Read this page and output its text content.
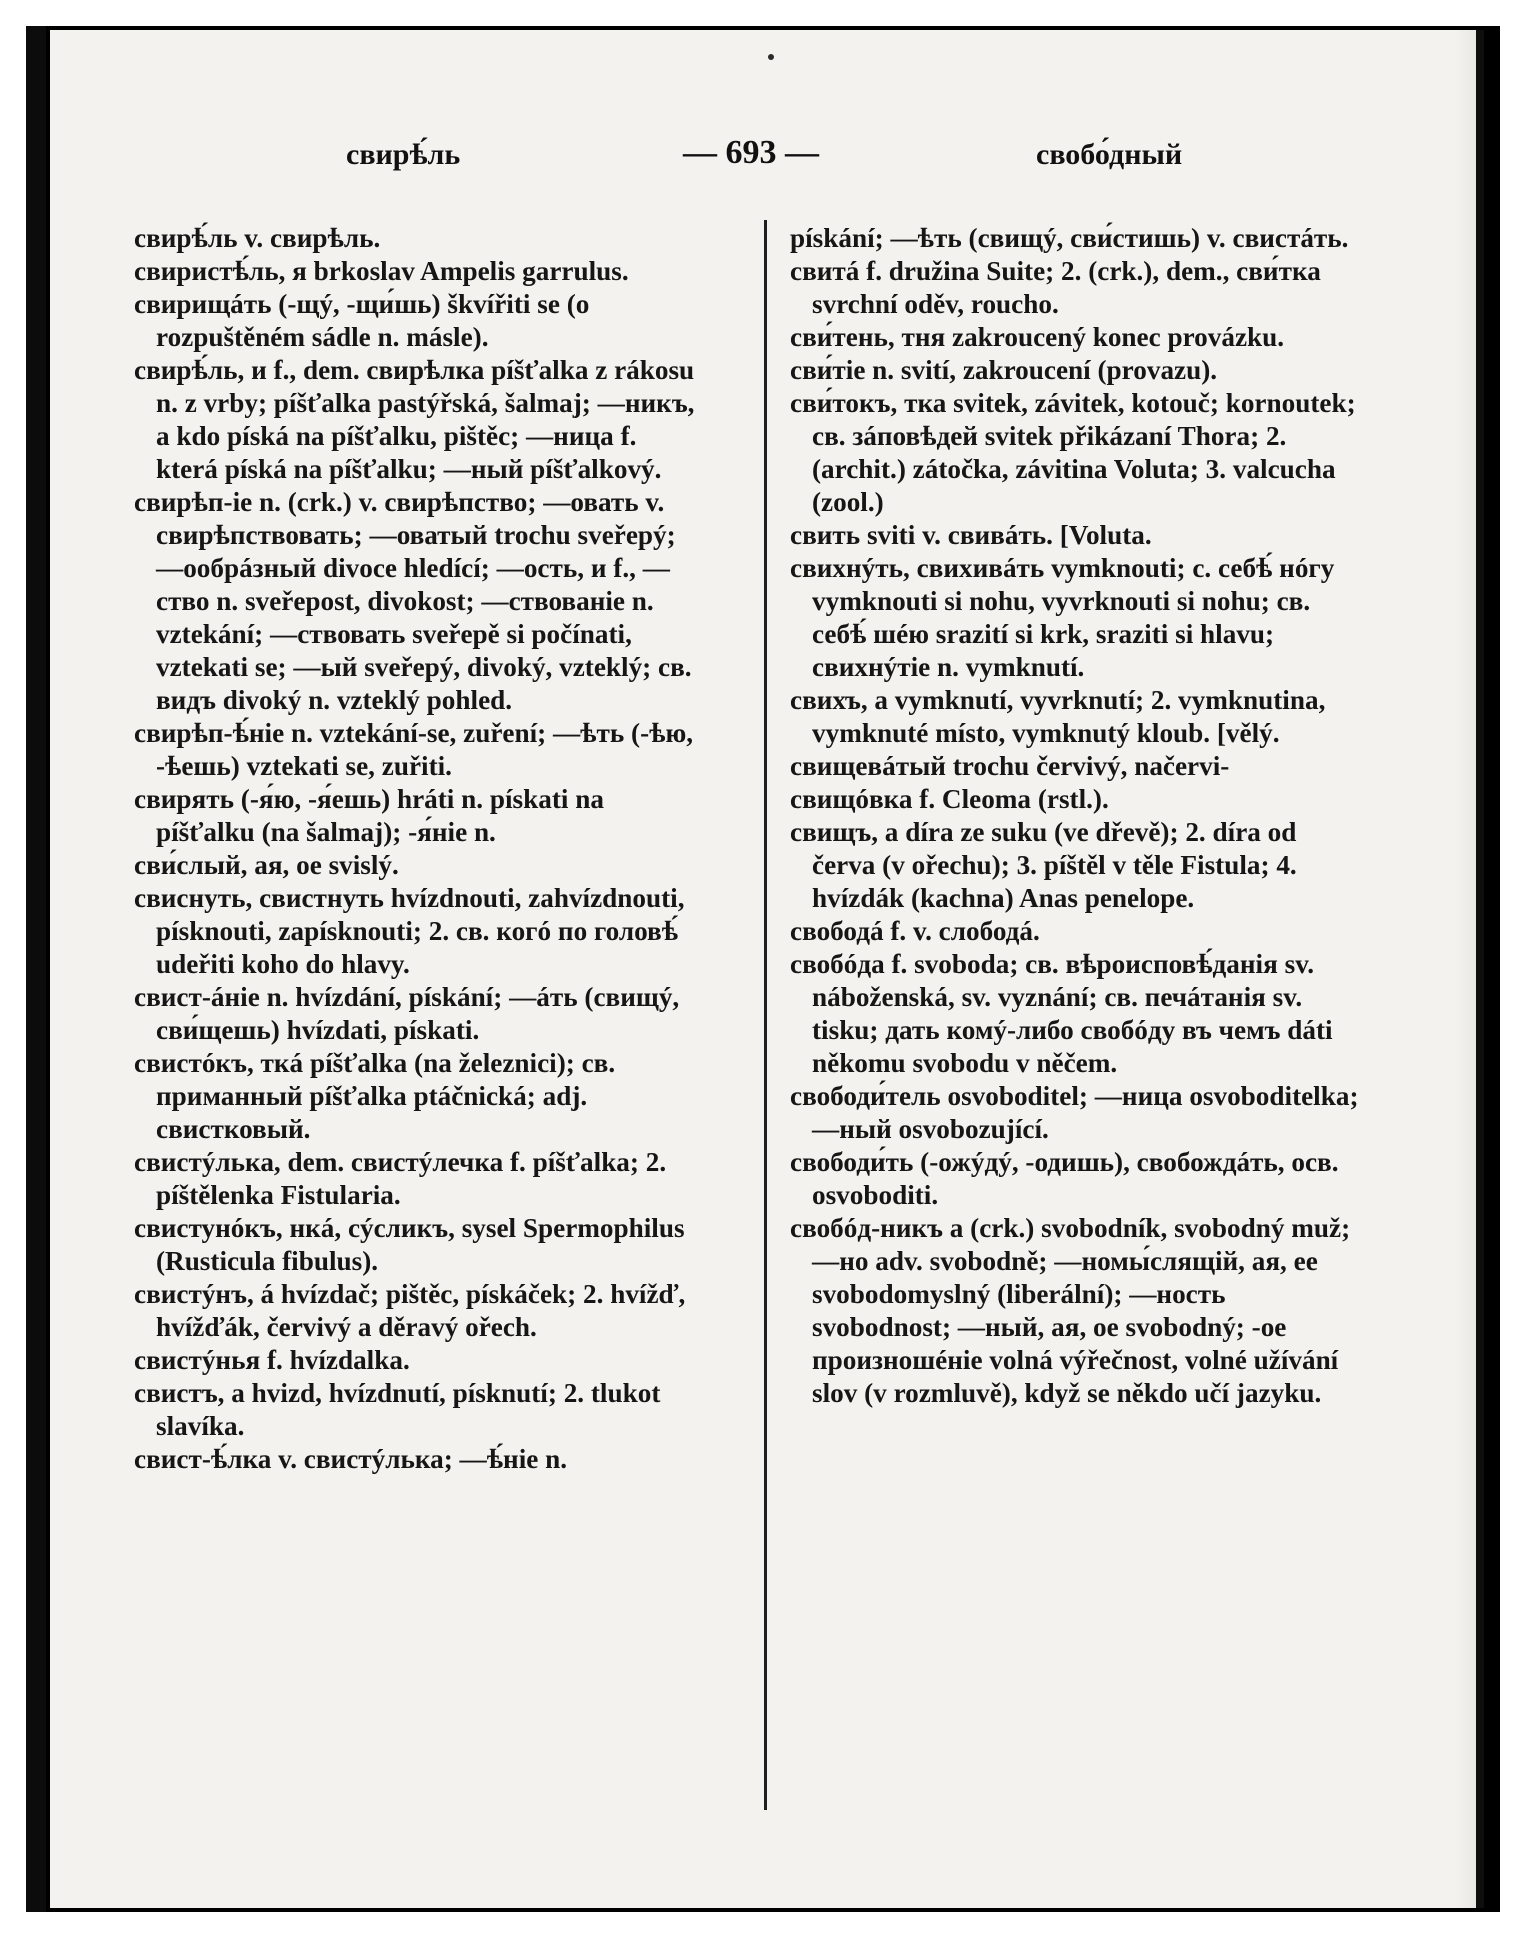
свирѣ́ль	— 693 —	свобо́дный

свирѣ́ль v. свирѣль.

свиристѣ́ль, я brkoslav Ampelis garrulus.

свирищáть (-щý, -щи́шь) škvířiti se (o rozpuštěném sádle n. másle).

свирѣ́ль, и f., dem. свирѣлка píšťalka z rákosu n. z vrby; píšťalka pastýřská, šalmaj; —никъ, a kdo píská na píšťalku, pištěc; —ница f. která píská na píšťalku; —ный píšťalkový.

свирѣп-іе n. (crk.) v. свирѣпство; —овать v. свирѣпствовать; —оватый trochu sveřepý; —oобрáзный divoce hledící; —ость, и f., —ство n. sveřepost, divokost; —ствованіе n. vztekání; —ствовать sveřepě si počínati, vztekati se; —ый sveřepý, divoký, vzteklý; св. видъ divoký n. vzteklý pohled.

свирѣп-ѣ́ніе n. vztekání-se, zuření; —ѣть (-ѣю, -ѣешь) vztekati se, zuřiti.

свирять (-я́ю, -я́ешь) hráti n. pískati na píšťalku (na šalmaj); -я́ніе n.

сви́слый, ая, ое svislý.

свиснуть, свистнуть hvízdnouti, zahvízdnouti, písknouti, zapísknouti; 2. св. когó по головѣ́ udeřiti koho do hlavy.

свист-áніе n. hvízdání, pískání; —áть (свищý, сви́щешь) hvízdati, pískati.

свистóкъ, ткá píšťalka (na železnici); св. приманный píšťalka ptáčnická; adj. свистковый.

свистýлька, dem. свистýлечка f. píšťalka; 2. píštělenka Fistularia.

свистунóкъ, нкá, сýсликъ, sysel Spermophilus (Rusticula fibulus).

свистýнъ, á hvízdač; pištěc, pískáček; 2. hvížď, hvížďák, červivý a děravý ořech.

свистýнья f. hvízdalka.

свистъ, a hvizd, hvízdnutí, písknutí; 2. tlukot slavíka.

свист-ѣ́лка v. свистýлька; —ѣ́ніе n.

pískání; —ѣть (свищý, сви́стишь) v. свистáть.

свитá f. družina Suite; 2. (crk.), dem., сви́тка svrchní oděv, roucho.

сви́тень, тня zakroucený konec provázku.

сви́тіе n. svití, zakroucení (provazu).

сви́токъ, тка svitek, závitek, kotouč; kornoutek; св. зáповѣдей svitek přikázaní Thora; 2. (archit.) zátočka, závitina Voluta; 3. valcucha (zool.)

свить sviti v. свивáть. [Voluta.

свихнýть, свихивáть vymknouti; c. себѣ́ нóгу vymknouti si nohu, vyvrknouti si nohu; св. себѣ́ шéю srazití si krk, sraziti si hlavu; свихнýтіе n. vymknutí.

свихъ, a vymknutí, vyvrknutí; 2. vymknutina, vymknuté místo, vymknutý kloub. [vělý.

свищевáтый trochu červivý, načervi-

свищóвка f. Cleoma (rstl.).

свищъ, a díra ze suku (ve dřevě); 2. díra od červa (v ořechu); 3. píštěl v těle Fistula; 4. hvízdák (kachna) Anas penelope.

свободá f. v. слободá.

свобóда f. svoboda; св. вѣроисповѣ́данія sv. náboženská, sv. vyznání; св. печáтанія sv. tisku; дать комý-либо свобóду въ чемъ dáti někomu svobodu v něčem.

свободи́тель osvoboditel; —ница osvoboditelka; —ный osvobozující.

свободи́ть (-ожýдý, -одишь), свобождáть, осв. osvoboditi.

свобóд-никъ a (crk.) svobodník, svobodný muž; —но adv. svobodně; —номы́слящій, ая, ее svobodomyslný (liberální); —ность svobodnost; —ный, ая, ое svobodný; -ое произношéніе volná výřečnost, volné užívání slov (v rozmluvě), když se někdo učí jazyku.
